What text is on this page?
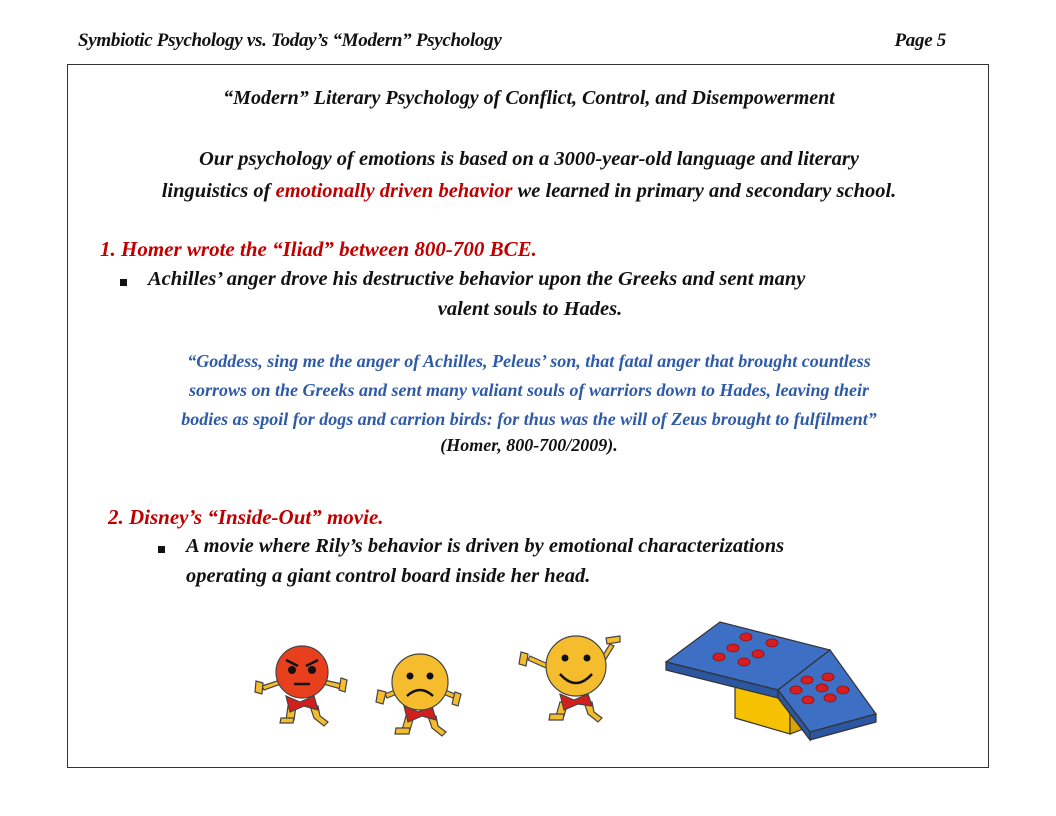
Symbiotic Psychology vs. Today’s “Modern” Psychology	Page 5
“Modern” Literary Psychology of Conflict, Control, and Disempowerment
Our psychology of emotions is based on a 3000-year-old language and literary
linguistics of emotionally driven behavior we learned in primary and secondary school.
1. Homer wrote the “Iliad” between 800-700 BCE.
Achilles’ anger drove his destructive behavior upon the Greeks and sent many
valent souls to Hades.
“Goddess, sing me the anger of Achilles, Peleus’ son, that fatal anger that brought countless
sorrows on the Greeks and sent many valiant souls of warriors down to Hades, leaving their
bodies as spoil for dogs and carrion birds: for thus was the will of Zeus brought to fulfilment”
(Homer, 800-700/2009).
2. Disney’s “Inside-Out” movie.
A movie where Rily’s behavior is driven by emotional characterizations
operating a giant control board inside her head.
